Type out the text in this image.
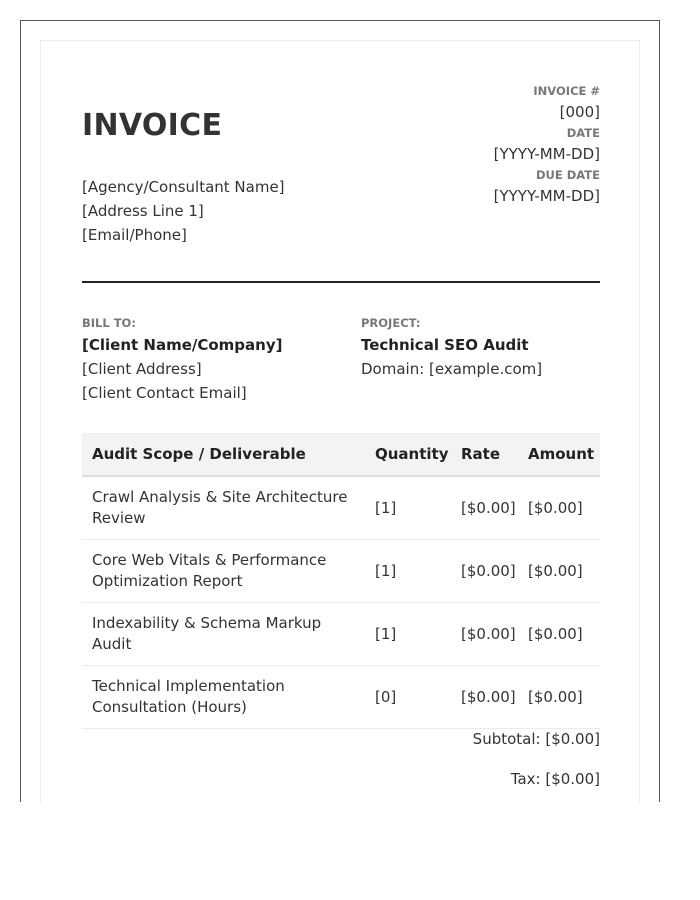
INVOICE
[Agency/Consultant Name]
[Address Line 1]
[Email/Phone]
INVOICE #
[000]
DATE
[YYYY-MM-DD]
DUE DATE
[YYYY-MM-DD]
BILL TO:
[Client Name/Company]
[Client Address]
[Client Contact Email]
PROJECT:
Technical SEO Audit
Domain: [example.com]
Audit Scope / Deliverable	Quantity	Rate	Amount
Crawl Analysis & Site Architecture Review	[1]	[$0.00]	[$0.00]
Core Web Vitals & Performance Optimization Report	[1]	[$0.00]	[$0.00]
Indexability & Schema Markup Audit	[1]	[$0.00]	[$0.00]
Technical Implementation Consultation (Hours)	[0]	[$0.00]	[$0.00]
Subtotal: [$0.00]
Tax: [$0.00]
